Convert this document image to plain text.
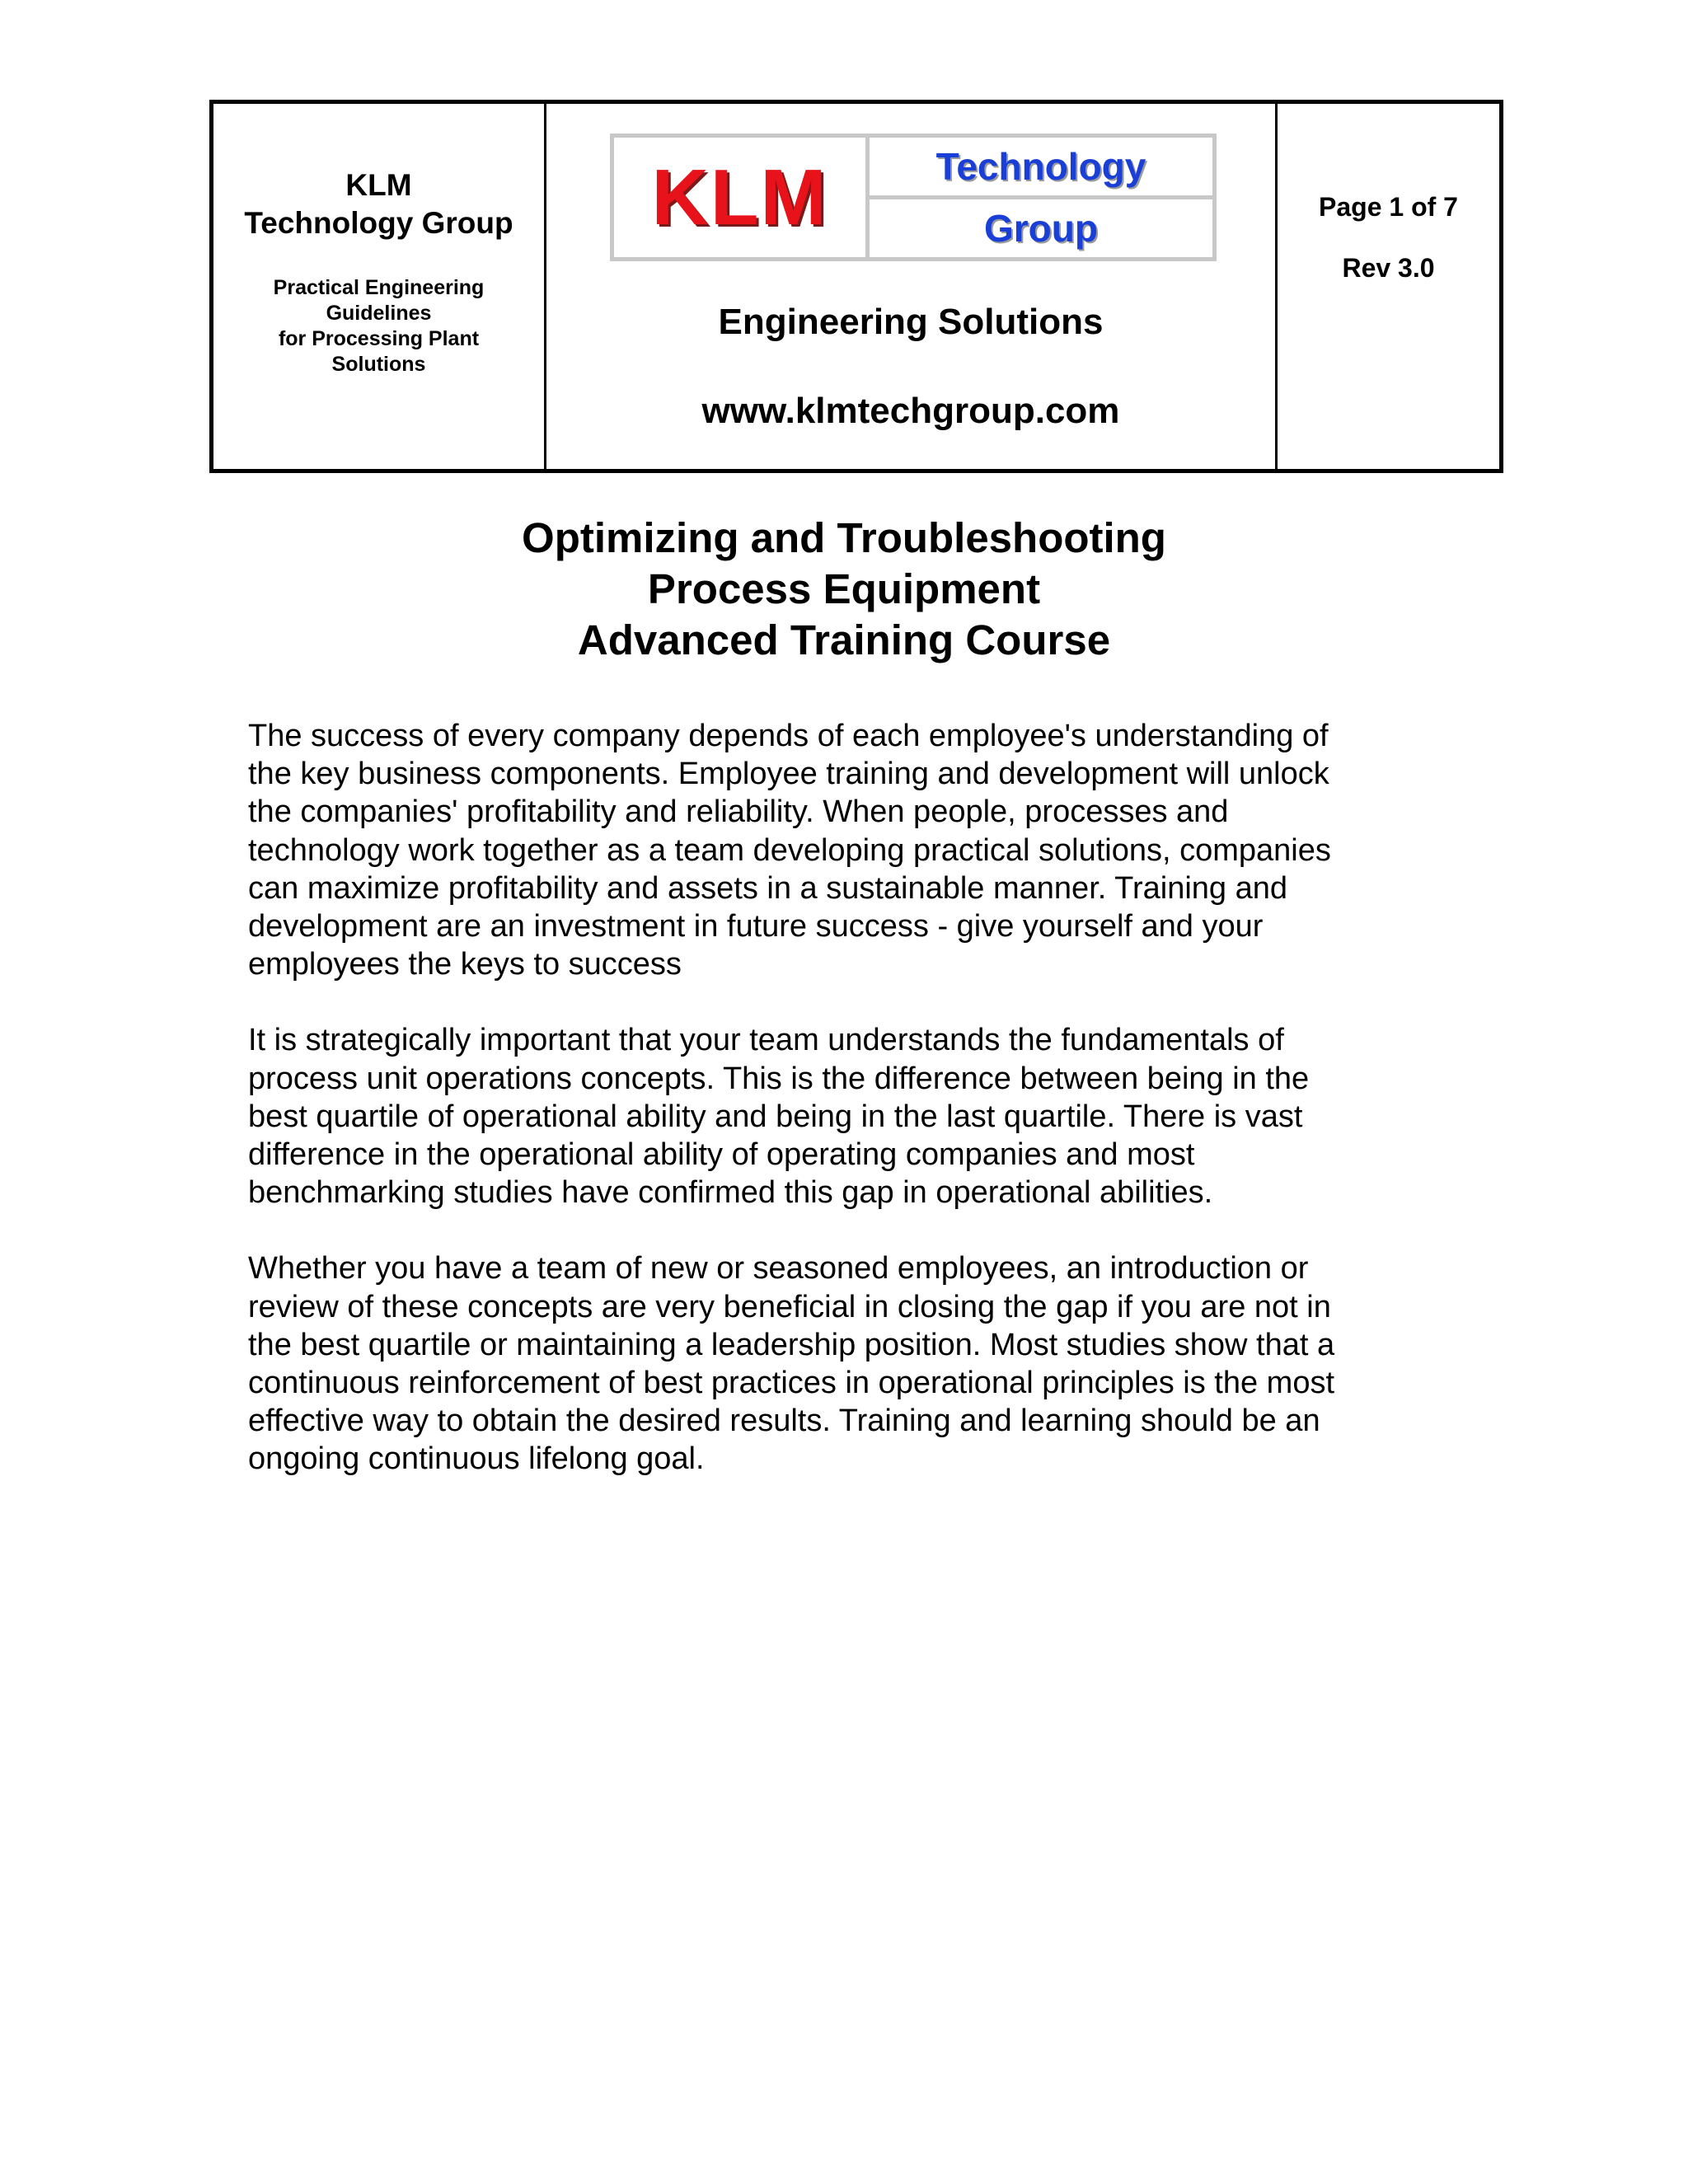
KLM
Technology Group
Practical Engineering
Guidelines
for Processing Plant
Solutions
KLM	Technology
Group
Engineering Solutions
www.klmtechgroup.com
Page 1 of 7
Rev 3.0
Optimizing and Troubleshooting
Process Equipment
Advanced Training Course

The success of every company depends of each employee's understanding of
the key business components. Employee training and development will unlock
the companies' profitability and reliability. When people, processes and
technology work together as a team developing practical solutions, companies
can maximize profitability and assets in a sustainable manner. Training and
development are an investment in future success - give yourself and your
employees the keys to success

It is strategically important that your team understands the fundamentals of
process unit operations concepts. This is the difference between being in the
best quartile of operational ability and being in the last quartile. There is vast
difference in the operational ability of operating companies and most
benchmarking studies have confirmed this gap in operational abilities.

Whether you have a team of new or seasoned employees, an introduction or
review of these concepts are very beneficial in closing the gap if you are not in
the best quartile or maintaining a leadership position. Most studies show that a
continuous reinforcement of best practices in operational principles is the most
effective way to obtain the desired results. Training and learning should be an
ongoing continuous lifelong goal.
